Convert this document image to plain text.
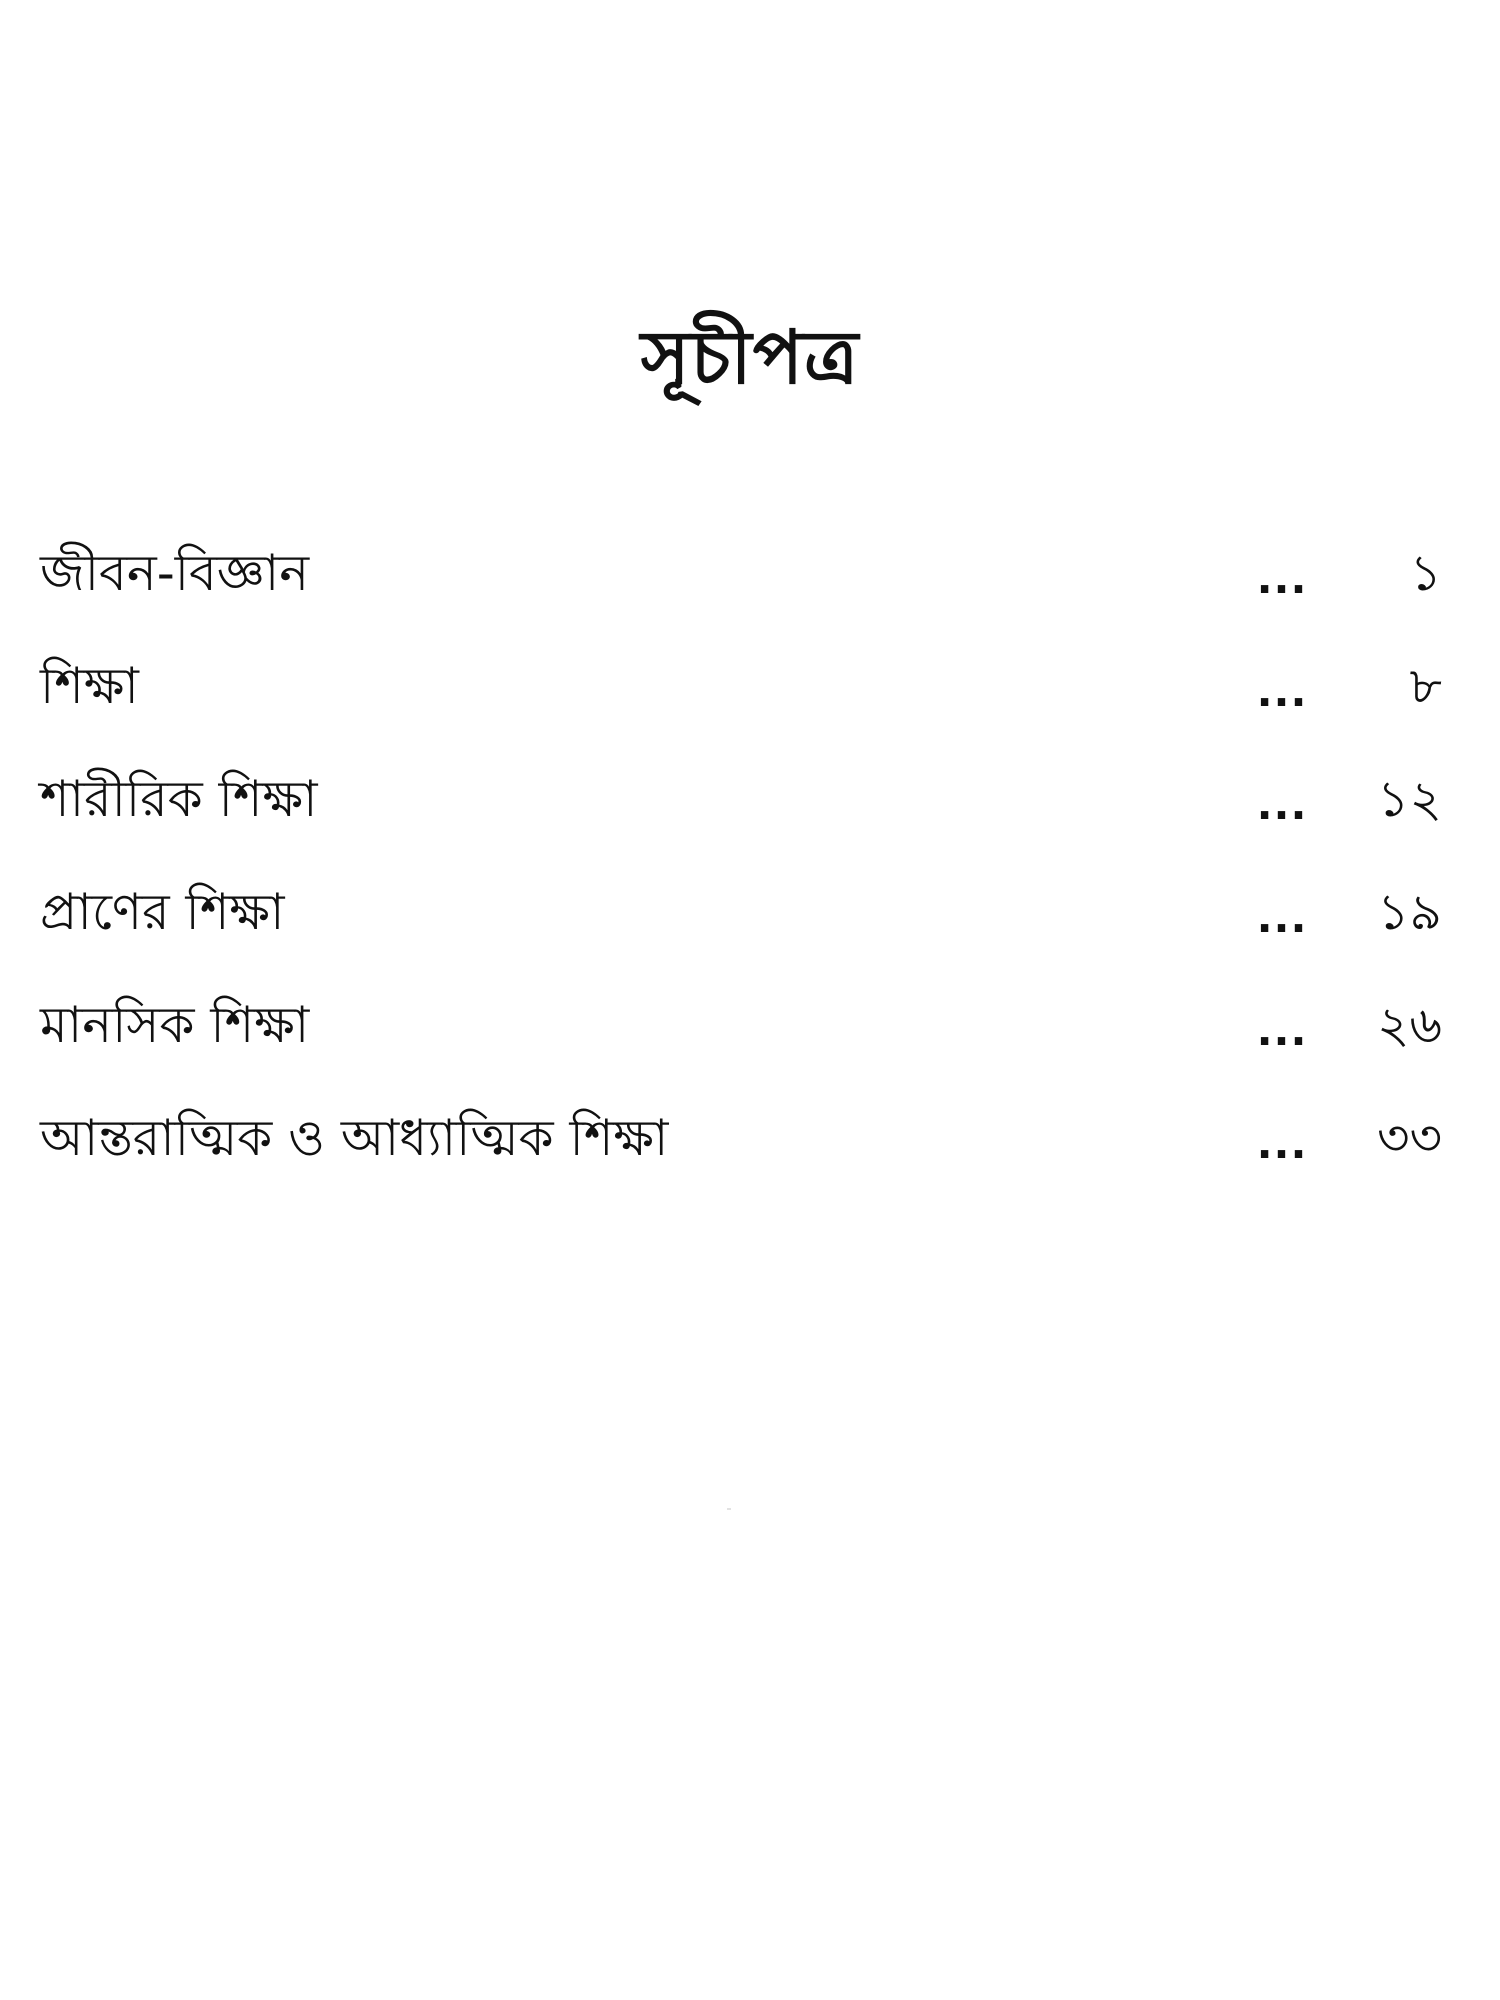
সূচীপত্র
জীবন-বিজ্ঞান	... ১
শিক্ষা	... ৮
শারীরিক শিক্ষা	... ১২
প্রাণের শিক্ষা	... ১৯
মানসিক শিক্ষা	... ২৬
আন্তরাত্মিক ও আধ্যাত্মিক শিক্ষা	... ৩৩
